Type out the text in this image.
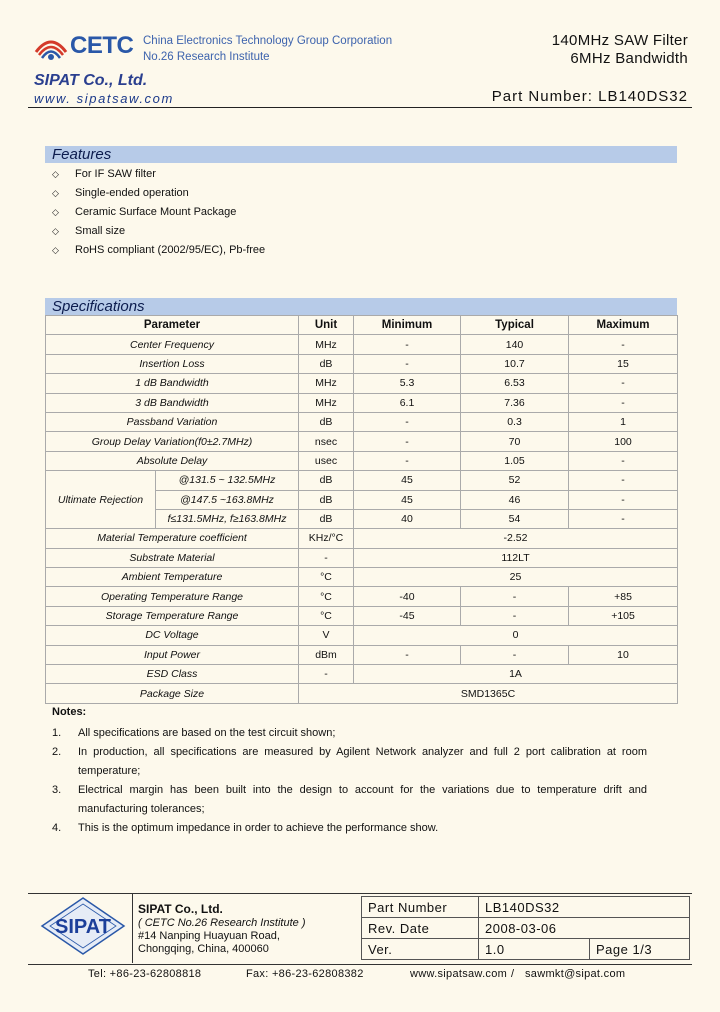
CETC China Electronics Technology Group Corporation
No.26 Research Institute
SIPAT Co., Ltd.
www. sipatsaw.com
140MHz SAW Filter
6MHz Bandwidth
Part Number: LB140DS32
Features
◇ For IF SAW filter
◇ Single-ended operation
◇ Ceramic Surface Mount Package
◇ Small size
◇ RoHS compliant (2002/95/EC), Pb-free
Specifications
Parameter		Unit	Minimum	Typical	Maximum
Center Frequency		MHz	-	140	-
Insertion Loss		dB	-	10.7	15
1 dB Bandwidth		MHz	5.3	6.53	-
3 dB Bandwidth		MHz	6.1	7.36	-
Passband Variation		dB	-	0.3	1
Group Delay Variation(f0±2.7MHz)		nsec	-	70	100
Absolute Delay		usec	-	1.05	-
Ultimate Rejection	@131.5 ~ 132.5MHz	dB	45	52	-
	@147.5 ~163.8MHz	dB	45	46	-
	f≤131.5MHz, f≥163.8MHz	dB	40	54	-
Material Temperature coefficient		KHz/°C	-2.52		
Substrate Material		-	112LT		
Ambient Temperature		°C	25		
Operating Temperature Range		°C	-40	-	+85
Storage Temperature Range		°C	-45	-	+105
DC Voltage		V	0		
Input Power		dBm	-	-	10
ESD Class		-	1A		
Package Size		SMD1365C			
Notes:
1. All specifications are based on the test circuit shown;
2. In production, all specifications are measured by Agilent Network analyzer and full 2 port calibration at room temperature;
3. Electrical margin has been built into the design to account for the variations due to temperature drift and manufacturing tolerances;
4. This is the optimum impedance in order to achieve the performance show.
SIPAT
SIPAT Co., Ltd.
( CETC No.26 Research Institute )
#14 Nanping Huayuan Road,
Chongqing, China, 400060
Part Number	LB140DS32	
Rev. Date	2008-03-06	
Ver.	1.0	Page 1/3
Tel: +86-23-62808818	Fax: +86-23-62808382	www.sipatsaw.com / sawmkt@sipat.com
